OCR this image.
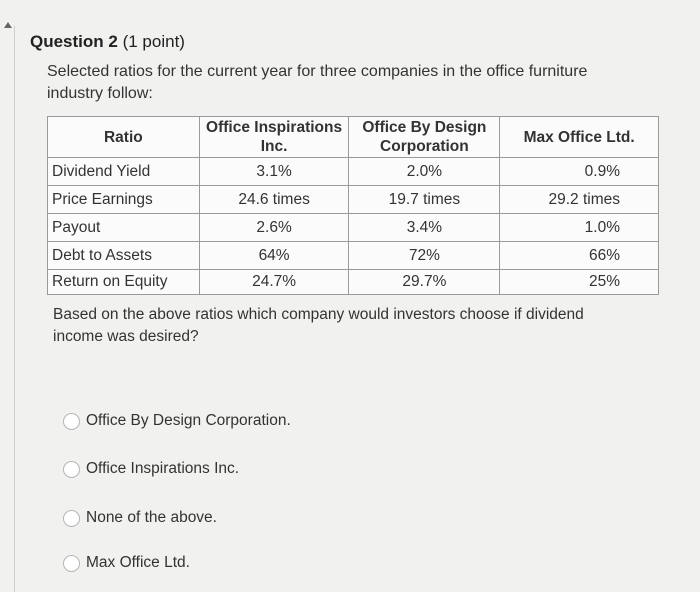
Question 2 (1 point)
Selected ratios for the current year for three companies in the office furniture industry follow:
Ratio	Office Inspirations Inc.	Office By Design Corporation	Max Office Ltd.
Dividend Yield	3.1%	2.0%	0.9%
Price Earnings	24.6 times	19.7 times	29.2 times
Payout	2.6%	3.4%	1.0%
Debt to Assets	64%	72%	66%
Return on Equity	24.7%	29.7%	25%
Based on the above ratios which company would investors choose if dividend income was desired?
Office By Design Corporation.
Office Inspirations Inc.
None of the above.
Max Office Ltd.
